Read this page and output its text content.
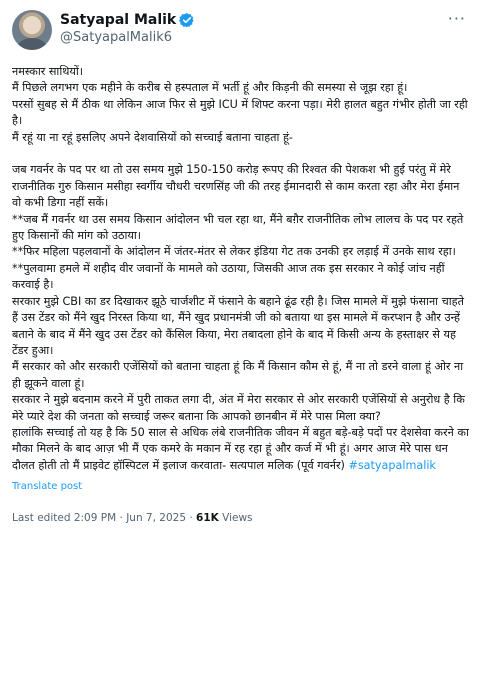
Satyapal Malik
@SatyapalMalik6
···

नमस्कार साथियों।

मैं पिछले लगभग एक महीने के करीब से हस्पताल में भर्ती हूं और किड़नी की समस्या से जूझ रहा हूं।

परसों सुबह से मैं ठीक था लेकिन आज फिर से मुझे ICU में शिफ्ट करना पड़ा। मेरी हालत बहुत गंभीर होती जा रही है।

मैं रहूं या ना रहूं इसलिए अपने देशवासियों को सच्चाई बताना चाहता हूं-

जब गवर्नर के पद पर था तो उस समय मुझे 150-150 करोड़ रूपए की रिश्वत की पेशकश भी हुई परंतु में मेरे राजनीतिक गुरु किसान मसीहा स्वर्गीय चौधरी चरणसिंह जी की तरह ईमानदारी से काम करता रहा और मेरा ईमान वो कभी डिगा नहीं सकें।

**जब मैं गवर्नर था उस समय किसान आंदोलन भी चल रहा था, मैंने बग़ैर राजनीतिक लोभ लालच के पद पर रहते हुए किसानों की मांग को उठाया।

**फिर महिला पहलवानों के आंदोलन में जंतर-मंतर से लेकर इंडिया गेट तक उनकी हर लड़ाई में उनके साथ रहा।

**पुलवामा हमले में शहीद वीर जवानों के मामले को उठाया, जिसकी आज तक इस सरकार ने कोई जांच नहीं करवाई है।

सरकार मुझे CBI का डर दिखाकर झूठे चार्जशीट में फंसाने के बहाने ढूंढ रही है। जिस मामले में मुझे फंसाना चाहते हैं उस टेंडर को मैंने खुद निरस्त किया था, मैंने खुद प्रधानमंत्री जी को बताया था इस मामले में करप्शन है और उन्हें बताने के बाद में मैंने खुद उस टेंडर को कैंसिल किया, मेरा तबादला होने के बाद में किसी अन्य के हस्ताक्षर से यह टेंडर हुआ।

मैं सरकार को और सरकारी एजेंसियों को बताना चाहता हूं कि मैं किसान कौम से हूं, मैं ना तो डरने वाला हूं ओर ना ही झूकने वाला हूं।

सरकार ने मुझे बदनाम करने में पुरी ताकत लगा दी, अंत में मेरा सरकार से ओर सरकारी एजेंसियों से अनुरोध है कि मेरे प्यारे देश की जनता को सच्चाई जरूर बताना कि आपको छानबीन में मेरे पास मिला क्या?

हालांकि सच्चाई तो यह है कि 50 साल से अधिक लंबे राजनीतिक जीवन में बहुत बड़े-बड़े पदों पर देशसेवा करने का मौका मिलने के बाद आज़ भी मैं एक कमरे के मकान में रह रहा हूं और कर्ज में भी हूं। अगर आज मेरे पास धन दौलत होती तो मैं प्राइवेट हॉस्पिटल में इलाज करवाता- सत्यपाल मलिक (पूर्व गवर्नर) #satyapalmalik

Translate post
Last edited 2:09 PM · Jun 7, 2025 · 61K Views
